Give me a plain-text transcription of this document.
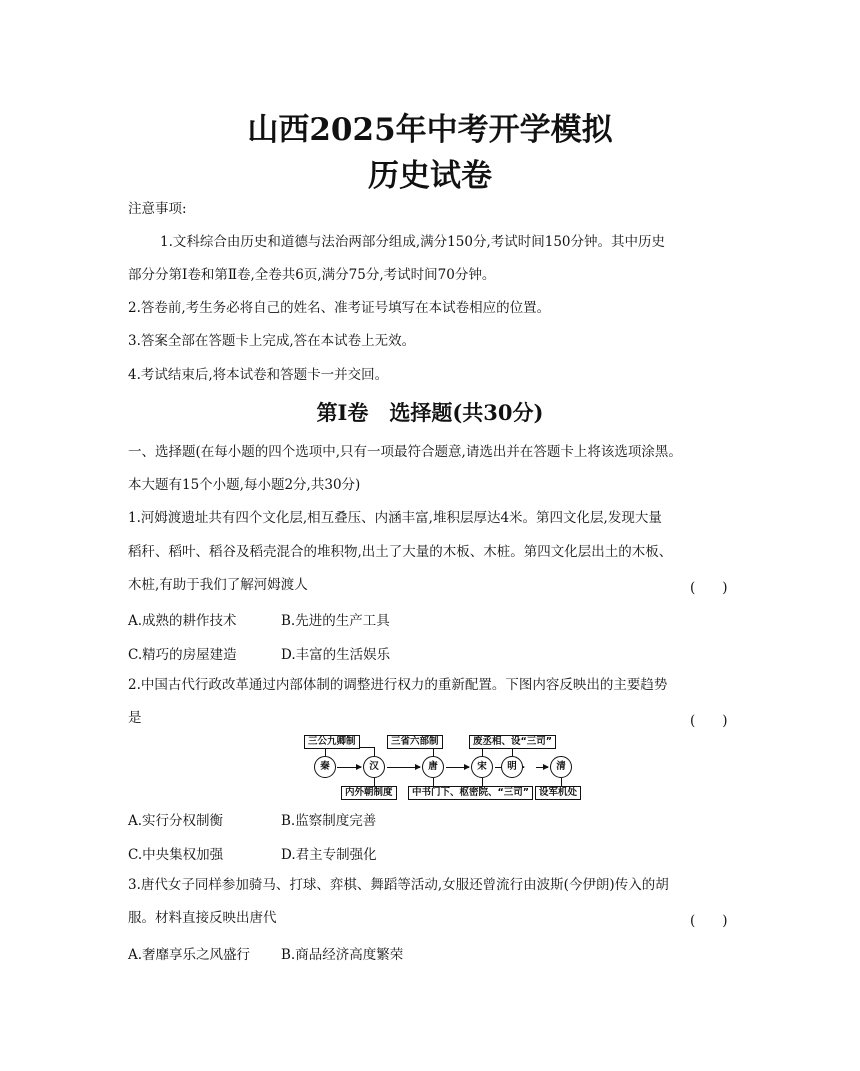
山西2025年中考开学模拟
历史试卷
注意事项:
1.文科综合由历史和道德与法治两部分组成,满分150分,考试时间150分钟。其中历史
部分分第Ⅰ卷和第Ⅱ卷,全卷共6页,满分75分,考试时间70分钟。
2.答卷前,考生务必将自己的姓名、准考证号填写在本试卷相应的位置。
3.答案全部在答题卡上完成,答在本试卷上无效。
4.考试结束后,将本试卷和答题卡一并交回。
第Ⅰ卷　选择题(共30分)
一、选择题(在每小题的四个选项中,只有一项最符合题意,请选出并在答题卡上将该选项涂黑。
本大题有15个小题,每小题2分,共30分)
1.河姆渡遗址共有四个文化层,相互叠压、内涵丰富,堆积层厚达4米。第四文化层,发现大量
稻秆、稻叶、稻谷及稻壳混合的堆积物,出土了大量的木板、木桩。第四文化层出土的木板、
木桩,有助于我们了解河姆渡人	(　　)
A.成熟的耕作技术	B.先进的生产工具
C.精巧的房屋建造	D.丰富的生活娱乐
2.中国古代行政改革通过内部体制的调整进行权力的重新配置。下图内容反映出的主要趋势
是	(　　)
秦	汉	唐	宋	明	清
三公九卿制	三省六部制	废丞相、设“三司”
内外朝制度	中书门下、枢密院、“三司”	设军机处
A.实行分权制衡	B.监察制度完善
C.中央集权加强	D.君主专制强化
3.唐代女子同样参加骑马、打球、弈棋、舞蹈等活动,女服还曾流行由波斯(今伊朗)传入的胡
服。材料直接反映出唐代	(　　)
A.奢靡享乐之风盛行 B.商品经济高度繁荣
